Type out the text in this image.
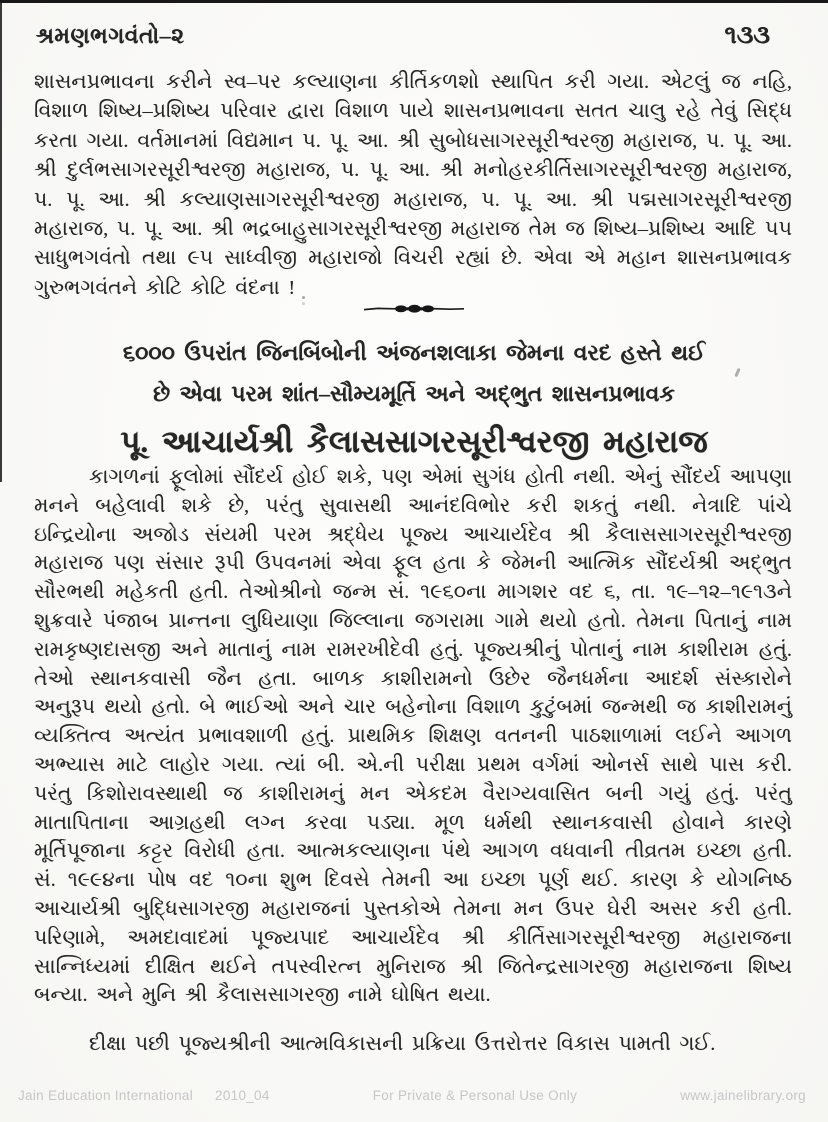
શ્રમણભગવંતો–૨	૧૩૩

શાસનપ્રભાવના કરીને સ્વ–પર કલ્યાણના કીર્તિકળશો સ્થાપિત કરી ગયા. એટલું જ નહિ, વિશાળ શિષ્ય–પ્રશિષ્ય પરિવાર દ્વારા વિશાળ પાયે શાસનપ્રભાવના સતત ચાલુ રહે તેવું સિદ્ધ કરતા ગયા. વર્તમાનમાં વિદ્યમાન પ. પૂ. આ. શ્રી સુબોધસાગરસૂરીશ્વરજી મહારાજ, પ. પૂ. આ. શ્રી દુર્લભસાગરસૂરીશ્વરજી મહારાજ, પ. પૂ. આ. શ્રી મનોહરકીર્તિસાગરસૂરીશ્વરજી મહારાજ, પ. પૂ. આ. શ્રી કલ્યાણસાગરસૂરીશ્વરજી મહારાજ, પ. પૂ. આ. શ્રી પદ્મસાગરસૂરીશ્વરજી મહારાજ, પ. પૂ. આ. શ્રી ભદ્રબાહુસાગરસૂરીશ્વરજી મહારાજ તેમ જ શિષ્ય–પ્રશિષ્ય આદિ ૫૫ સાધુભગવંતો તથા ૯૫ સાધ્વીજી મહારાજો વિચરી રહ્યાં છે. એવા એ મહાન શાસનપ્રભાવક ગુરુભગવંતને કોટિ કોટિ વંદના !

૬૦૦૦ ઉપરાંત જિનબિંબોની અંજનશલાકા જેમના વરદ હસ્તે થઈ
છે એવા પરમ શાંત–સૌમ્યમૂર્તિ અને અદ્ભુત શાસનપ્રભાવક
પૂ. આચાર્યશ્રી કૈલાસસાગરસૂરીશ્વરજી મહારાજ

કાગળનાં ફૂલોમાં સૌંદર્ય હોઈ શકે, પણ એમાં સુગંધ હોતી નથી. એનું સૌંદર્ય આપણા મનને બહેલાવી શકે છે, પરંતુ સુવાસથી આનંદવિભોર કરી શકતું નથી. નેત્રાદિ પાંચે ઇન્દ્રિયોના અજોડ સંયમી પરમ શ્રદ્ધેય પૂજ્ય આચાર્યદેવ શ્રી કૈલાસસાગરસૂરીશ્વરજી મહારાજ પણ સંસાર રૂપી ઉપવનમાં એવા ફૂલ હતા કે જેમની આત્મિક સૌંદર્યશ્રી અદ્ભુત સૌરભથી મહેકતી હતી. તેઓશ્રીનો જન્મ સં. ૧૯૬૦ના માગશર વદ ૬, તા. ૧૯–૧૨–૧૯૧૩ને શુક્રવારે પંજાબ પ્રાન્તના લુધિયાણા જિલ્લાના જગરામા ગામે થયો હતો. તેમના પિતાનું નામ રામકૃષ્ણદાસજી અને માતાનું નામ રામરખીદેવી હતું. પૂજ્યશ્રીનું પોતાનું નામ કાશીરામ હતું. તેઓ સ્થાનકવાસી જૈન હતા. બાળક કાશીરામનો ઉછેર જૈનધર્મના આદર્શ સંસ્કારોને અનુરૂપ થયો હતો. બે ભાઈઓ અને ચાર બહેનોના વિશાળ કુટુંબમાં જન્મથી જ કાશીરામનું વ્યક્તિત્વ અત્યંત પ્રભાવશાળી હતું. પ્રાથમિક શિક્ષણ વતનની પાઠશાળામાં લઈને આગળ અભ્યાસ માટે લાહોર ગયા. ત્યાં બી. એ.ની પરીક્ષા પ્રથમ વર્ગમાં ઓનર્સ સાથે પાસ કરી. પરંતુ કિશોરાવસ્થાથી જ કાશીરામનું મન એકદમ વૈરાગ્યવાસિત બની ગયું હતું. પરંતુ માતાપિતાના આગ્રહથી લગ્ન કરવા પડ્યા. મૂળ ધર્મથી સ્થાનકવાસી હોવાને કારણે મૂર્તિપૂજાના કટ્ટર વિરોધી હતા. આત્મકલ્યાણના પંથે આગળ વધવાની તીવ્રતમ ઇચ્છા હતી. સં. ૧૯૯૪ના પોષ વદ ૧૦ના શુભ દિવસે તેમની આ ઇચ્છા પૂર્ણ થઈ. કારણ કે યોગનિષ્ઠ આચાર્યશ્રી બુદ્ધિસાગરજી મહારાજનાં પુસ્તકોએ તેમના મન ઉપર ઘેરી અસર કરી હતી. પરિણામે, અમદાવાદમાં પૂજ્યપાદ આચાર્યદેવ શ્રી કીર્તિસાગરસૂરીશ્વરજી મહારાજના સાન્નિધ્યમાં દીક્ષિત થઈને તપસ્વીરત્ન મુનિરાજ શ્રી જિતેન્દ્રસાગરજી મહારાજના શિષ્ય બન્યા. અને મુનિ શ્રી કૈલાસસાગરજી નામે ઘોષિત થયા.

દીક્ષા પછી પૂજ્યશ્રીની આત્મવિકાસની પ્રક્રિયા ઉત્તરોત્તર વિકાસ પામતી ગઈ.

Jain Education International 2010_04	For Private & Personal Use Only	www.jainelibrary.org
